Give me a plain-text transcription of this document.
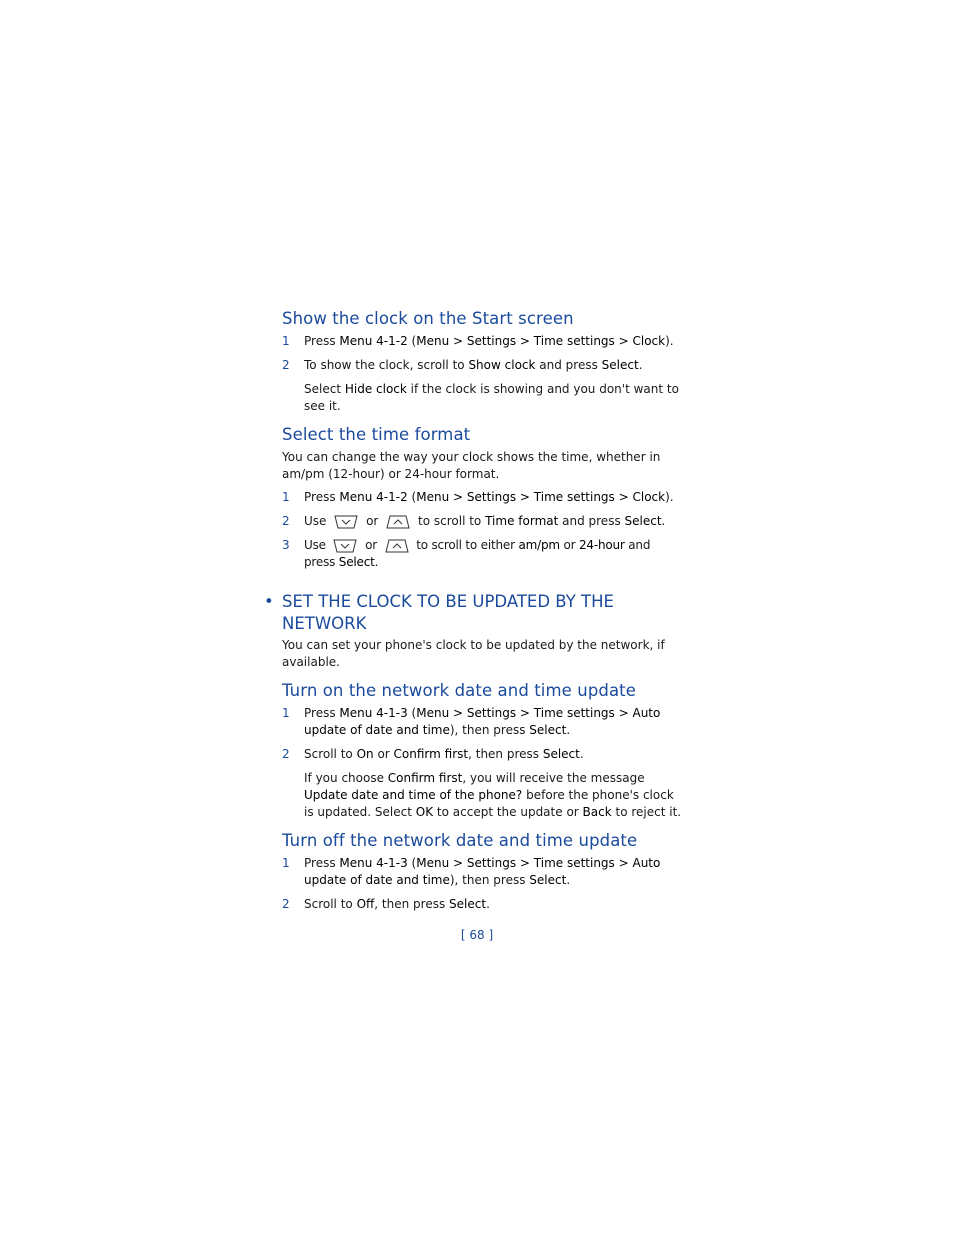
Show the clock on the Start screen
1 Press Menu 4-1-2 (Menu > Settings > Time settings > Clock).
2 To show the clock, scroll to Show clock and press Select.

Select Hide clock if the clock is showing and you don't want to see it.

Select the time format

You can change the way your clock shows the time, whether in am/pm (12-hour) or 24-hour format.

1 Press Menu 4-1-2 (Menu > Settings > Time settings > Clock).
2 Use	or	to scroll to Time format and press Select.
3 Use	or	to scroll to either am/pm or 24-hour and press Select.
• SET THE CLOCK TO BE UPDATED BY THE NETWORK

You can set your phone's clock to be updated by the network, if available.

Turn on the network date and time update
1 Press Menu 4-1-3 (Menu > Settings > Time settings > Auto update of date and time), then press Select.
2 Scroll to On or Confirm first, then press Select.

If you choose Confirm first, you will receive the message Update date and time of the phone? before the phone's clock is updated. Select OK to accept the update or Back to reject it.

Turn off the network date and time update
1 Press Menu 4-1-3 (Menu > Settings > Time settings > Auto update of date and time), then press Select.
2 Scroll to Off, then press Select.
[ 68 ]
